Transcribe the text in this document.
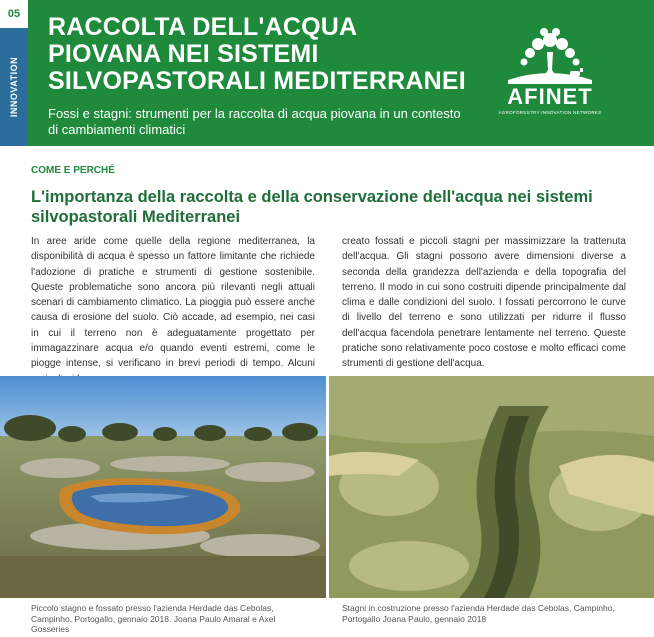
05
INNOVATION
RACCOLTA DELL'ACQUA PIOVANA NEI SISTEMI SILVOPASTORALI MEDITERRANEI
Fossi e stagni: strumenti per la raccolta di acqua piovana in un contesto di cambiamenti climatici
AFINET
AGROFORESTRY INNOVATION NETWORKS
COME E PERCHÉ
L'importanza della raccolta e della conservazione dell'acqua nei sistemi silvopastorali Mediterranei
In aree aride come quelle della regione mediterranea, la disponibilità di acqua è spesso un fattore limitante che richiede l'adozione di pratiche e strumenti di gestione sostenibile. Queste problematiche sono ancora più rilevanti negli attuali scenari di cambiamento climatico. La pioggia può essere anche causa di erosione del suolo. Ciò accade, ad esempio, nei casi in cui il terreno non è adeguatamente progettato per immagazzinare acqua e/o quando eventi estremi, come le piogge intense, si verificano in brevi periodi di tempo. Alcuni
creato fossati e piccoli stagni per massimizzare la trattenuta dell'acqua. Gli stagni possono avere dimensioni diverse a seconda della grandezza dell'azienda e della topografia del terreno. Il modo in cui sono costruiti dipende principalmente dal clima e dalle condizioni del suolo. I fossati percorrono le curve di livello del terreno e sono utilizzati per ridurre il flusso dell'acqua facendola penetrare lentamente nel terreno. Queste pratiche sono relativamente poco costose e molto efficaci come strumenti di gestione dell'acqua.
Piccolo stagno e fossato presso l'azienda Herdade das Cebolas, Campinho, Portogallo, gennaio 2018. Joana Paulo Amaral e Axel Gosseries
Stagni in costruzione presso l'azienda Herdade das Cebolas, Campinho, Portogallo Joana Paulo, gennaio 2018
